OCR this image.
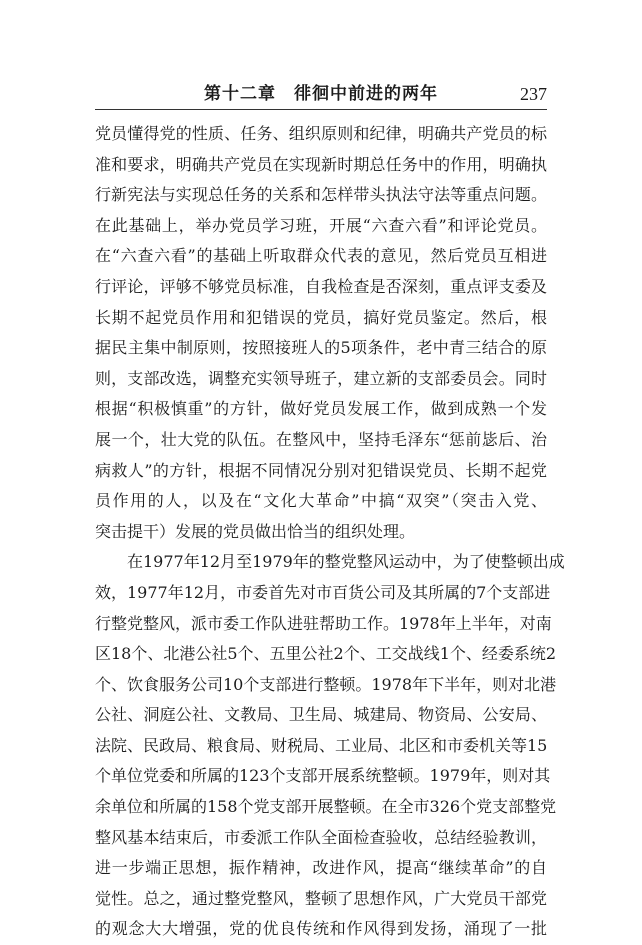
第十二章　徘徊中前进的两年	237
党员懂得党的性质、任务、组织原则和纪律，明确共产党员的标
准和要求，明确共产党员在实现新时期总任务中的作用，明确执
行新宪法与实现总任务的关系和怎样带头执法守法等重点问题。
在此基础上，举办党员学习班，开展“六查六看”和评论党员。
在“六查六看”的基础上听取群众代表的意见，然后党员互相进
行评论，评够不够党员标准，自我检查是否深刻，重点评支委及
长期不起党员作用和犯错误的党员，搞好党员鉴定。然后，根
据民主集中制原则，按照接班人的5项条件，老中青三结合的原
则，支部改选，调整充实领导班子，建立新的支部委员会。同时
根据“积极慎重”的方针，做好党员发展工作，做到成熟一个发
展一个，壮大党的队伍。在整风中，坚持毛泽东“惩前毖后、治
病救人”的方针，根据不同情况分别对犯错误党员、长期不起党
员作用的人，以及在“文化大革命”中搞“双突”（突击入党、
突击提干）发展的党员做出恰当的组织处理。
在1977年12月至1979年的整党整风运动中，为了使整顿出成
效，1977年12月，市委首先对市百货公司及其所属的7个支部进
行整党整风，派市委工作队进驻帮助工作。1978年上半年，对南
区18个、北港公社5个、五里公社2个、工交战线1个、经委系统2
个、饮食服务公司10个支部进行整顿。1978年下半年，则对北港
公社、洞庭公社、文教局、卫生局、城建局、物资局、公安局、
法院、民政局、粮食局、财税局、工业局、北区和市委机关等15
个单位党委和所属的123个支部开展系统整顿。1979年，则对其
余单位和所属的158个党支部开展整顿。在全市326个党支部整党
整风基本结束后，市委派工作队全面检查验收，总结经验教训，
进一步端正思想，振作精神，改进作风，提高“继续革命”的自
觉性。总之，通过整党整风，整顿了思想作风，广大党员干部党
的观念大大增强，党的优良传统和作风得到发扬，涌现了一批
